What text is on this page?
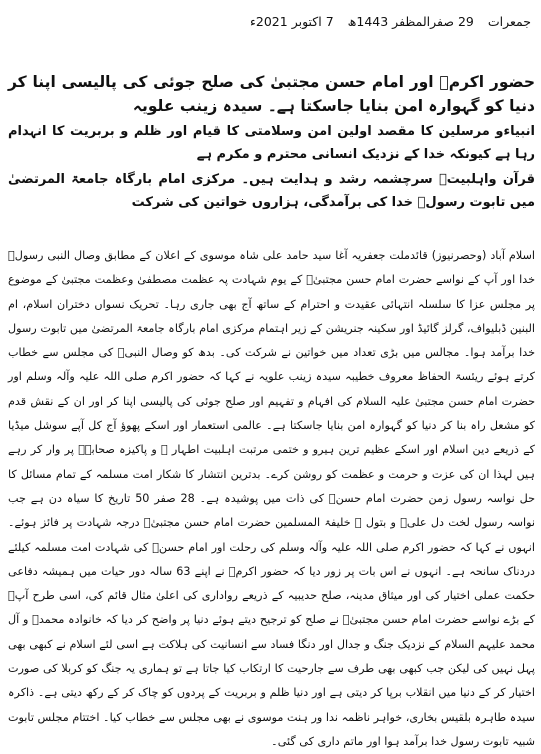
جمعرات
29 صفرالمظفر 1443ھ
7 اکتوبر 2021ء
حضور اکرمؐ اور امام حسن مجتبیٰ کی صلح جوئی کی پالیسی اپنا کر دنیا کو گہوارہ امن بنایا جاسکتا ہے۔ سیدہ زینب علویہ
انبیاءو مرسلین کا مقصد اولین امن وسلامتی کا قیام اور ظلم و بربریت کا انہدام رہا ہے کیونکہ خدا کے نزدیک انسانی محترم و مکرم ہے
قرآن واہلبیتؑ سرچشمہ رشد و ہدایت ہیں۔ مرکزی امام بارگاہ جامعۃ المرتضیٰ میں تابوت رسولؐ خدا کی برآمدگی، ہزاروں خواتین کی شرکت

اسلام آباد (وحصرنیوز) قائدملت جعفریہ آغا سید حامد علی شاہ موسوی کے اعلان کے مطابق وصال النبی رسولؐ خدا اور آپ کے نواسے حضرت امام حسن مجتبیٰؑ کے یوم شہادت پہ عظمت مصطفیٰ وعظمت مجتبیٰ کے موضوع پر مجلس عزا کا سلسلہ انتہائی عقیدت و احترام کے ساتھ آج بھی جاری رہا۔ تحریک نسواں دختران اسلام، ام البنین ڈبلیواف، گرلز گائیڈ اور سکینہ جنریشن کے زیر اہتمام مرکزی امام بارگاہ جامعۃ المرتضیٰ میں تابوت رسول خدا برآمد ہوا۔ مجالس میں بڑی تعداد میں خواتین نے شرکت کی۔ بدھ کو وصال النبیؐ کی مجلس سے خطاب کرتے ہوئے ریئسۃ الحفاظ معروف خطیبہ سیدہ زینب علویہ نے کہا کہ حضور اکرم صلی اللہ علیہ وآلہ وسلم اور حضرت امام حسن مجتبیٰ علیہ السلام کی افہام و تفہیم اور صلح جوئی کی پالیسی اپنا کر اور ان کے نقش قدم کو مشعل راہ بنا کر دنیا کو گہوارہ امن بنایا جاسکتا ہے۔ عالمی استعمار اور اسکے پھوؤ آج کل آپے سوشل میڈیا کے ذریعے دین اسلام اور اسکے عظیم ترین ہیرو و ختمی مرتبت اہلبیت اطہار ؑ و پاکیزہ صحابہؓ پر وار کر رہے ہیں لہذا ان کی عزت و حرمت و عظمت کو روشن کرے۔ بدترین انتشار کا شکار امت مسلمہ کے تمام مسائل کا حل نواسہ رسول زمن حضرت امام حسنؑ کی ذات میں پوشیدہ ہے۔ 28 صفر 50 تاریخ کا سیاہ دن ہے جب نواسہ رسول لخت دل علیؑ و بتول ؑ خلیفۃ المسلمین حضرت امام حسن مجتبیٰؑ درجہ شہادت پر فائز ہوئے۔ انہوں نے کہا کہ حضور اکرم صلی اللہ علیہ وآلہ وسلم کی رحلت اور امام حسنؑ کی شہادت امت مسلمہ کیلئے دردناک سانحہ ہے۔ انہوں نے اس بات پر زور دیا کہ حضور اکرمؐ نے اپنے 63 سالہ دور حیات میں ہمیشہ دفاعی حکمت عملی اختیار کی اور میثاق مدینہ، صلح حدیبیہ کے ذریعے رواداری کی اعلیٰ مثال قائم کی، اسی طرح آپؐ کے بڑے نواسے حضرت امام حسن مجتبیٰؑ نے صلح کو ترجیح دیتے ہوئے دنیا پر واضح کر دیا کہ خانوادہ محمدؐ و آل محمد علیہم السلام کے نزدیک جنگ و جدال اور دنگا فساد سے انسانیت کی ہلاکت ہے اسی لئے اسلام نے کبھی بھی پہل نہیں کی لیکن جب کبھی بھی طرف سے جارحیت کا ارتکاب کیا جاتا ہے تو ہماری یہ جنگ کو کربلا کی صورت اختیار کر کے دنیا میں انقلاب برپا کر دیتی ہے اور دنیا ظلم و بربریت کے پردوں کو چاک کر کے رکھ دیتی ہے۔ ذاکرہ سیدہ طاہرہ بلقیس بخاری، خواہر ناظمہ ندا ور ہنت موسوی نے بھی مجلس سے خطاب کیا۔ اختتام مجلس تابوت شبیہ تابوت رسول خدا برآمد ہوا اور ماتم داری کی گئی۔
